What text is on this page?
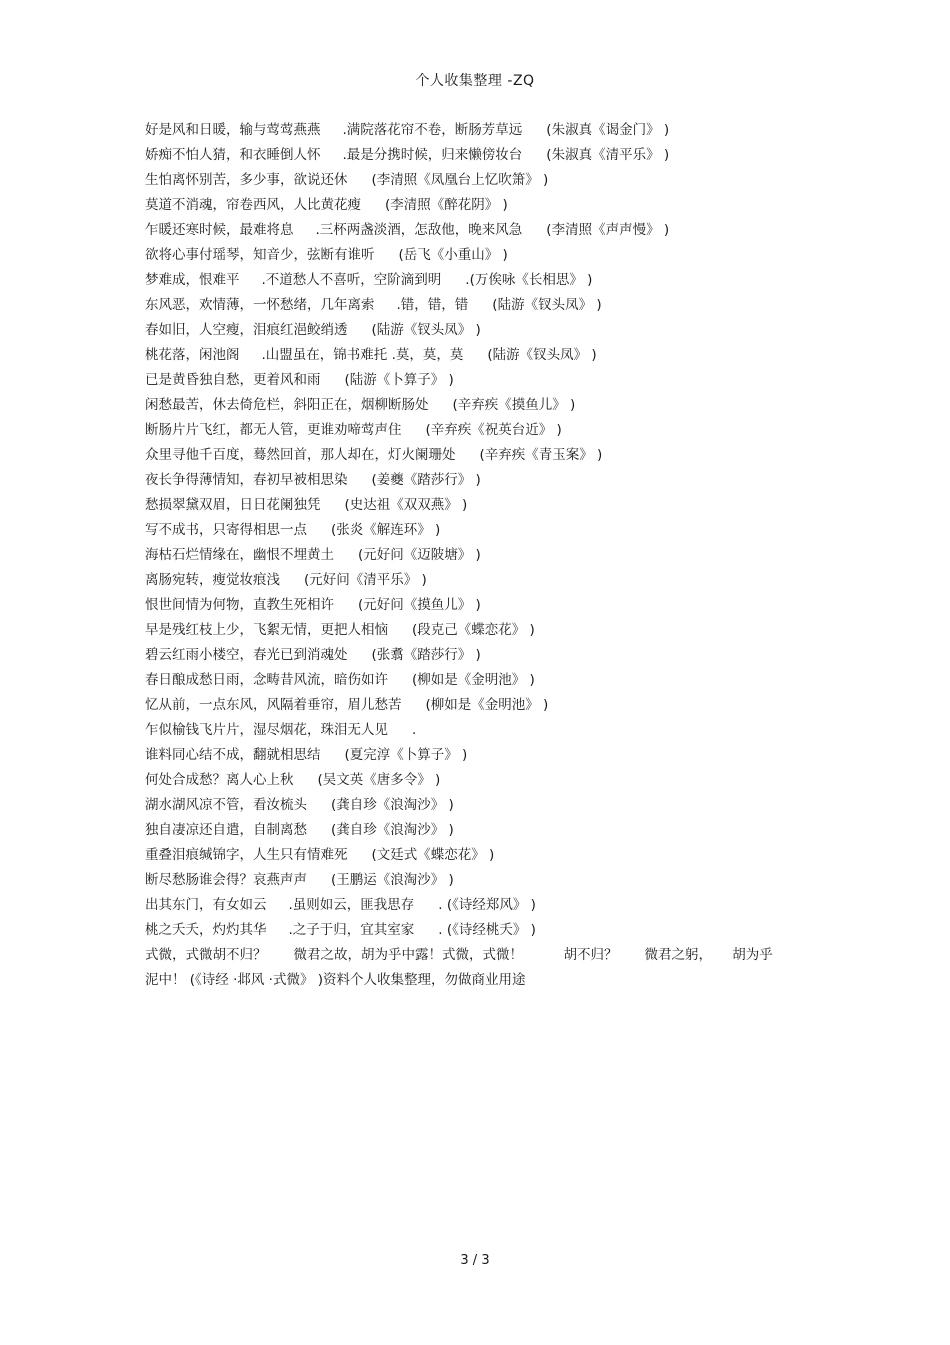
个人收集整理 -ZQ
好是风和日暖，输与莺莺燕燕 .满院落花帘不卷，断肠芳草远 (朱淑真《谒金门》 )
娇痴不怕人猜，和衣睡倒人怀 .最是分携时候，归来懒傍妆台 (朱淑真《清平乐》 )
生怕离怀别苦，多少事，欲说还休 (李清照《凤凰台上忆吹箫》 )
莫道不消魂，帘卷西风，人比黄花瘦 (李清照《醉花阴》 )
乍暖还寒时候，最难将息 .三杯两盏淡酒，怎敌他，晚来风急 (李清照《声声慢》 )
欲将心事付瑶琴，知音少，弦断有谁听 (岳飞《小重山》 )
梦难成，恨难平 .不道愁人不喜听，空阶滴到明 .(万俟咏《长相思》 )
东风恶，欢情薄，一怀愁绪，几年离索 .错，错，错 (陆游《钗头凤》 )
春如旧，人空瘦，泪痕红浥鲛绡透 (陆游《钗头凤》 )
桃花落，闲池阁 .山盟虽在，锦书难托 .莫，莫，莫 (陆游《钗头凤》 )
已是黄昏独自愁，更着风和雨 (陆游《卜算子》 )
闲愁最苦，休去倚危栏，斜阳正在，烟柳断肠处 (辛弃疾《摸鱼儿》 )
断肠片片飞红，都无人管，更谁劝啼莺声住 (辛弃疾《祝英台近》 )
众里寻他千百度，蓦然回首，那人却在，灯火阑珊处 (辛弃疾《青玉案》 )
夜长争得薄情知，春初早被相思染 (姜夔《踏莎行》 )
愁损翠黛双眉，日日花阑独凭 (史达祖《双双燕》 )
写不成书，只寄得相思一点 (张炎《解连环》 )
海枯石烂情缘在，幽恨不埋黄土 (元好问《迈陂塘》 )
离肠宛转，瘦觉妆痕浅 (元好问《清平乐》 )
恨世间情为何物，直教生死相许 (元好问《摸鱼儿》 )
早是残红枝上少，飞絮无情，更把人相恼 (段克己《蝶恋花》 )
碧云红雨小楼空，春光已到消魂处 (张翥《踏莎行》 )
春日酿成愁日雨，念畴昔风流，暗伤如许 (柳如是《金明池》 )
忆从前，一点东风，风隔着垂帘，眉儿愁苦 (柳如是《金明池》 )
乍似榆钱飞片片，湿尽烟花，珠泪无人见 .
谁料同心结不成，翻就相思结 (夏完淳《卜算子》 )
何处合成愁？离人心上秋 (吴文英《唐多令》 )
湖水湖风凉不管，看汝梳头 (龚自珍《浪淘沙》 )
独自凄凉还自遣，自制离愁 (龚自珍《浪淘沙》 )
重叠泪痕缄锦字，人生只有情难死 (文廷式《蝶恋花》 )
断尽愁肠谁会得？哀燕声声 (王鹏运《浪淘沙》 )
出其东门，有女如云 .虽则如云，匪我思存 . (《诗经郑风》 )
桃之夭夭，灼灼其华 .之子于归，宜其室家 . (《诗经桃夭》 )
式微，式微胡不归？　　微君之故，胡为乎中露！式微，式微！　　　胡不归？　　微君之躬，　　胡为乎
泥中！ (《诗经 ·邶风 ·式微》 )资料个人收集整理，勿做商业用途
3 / 3
